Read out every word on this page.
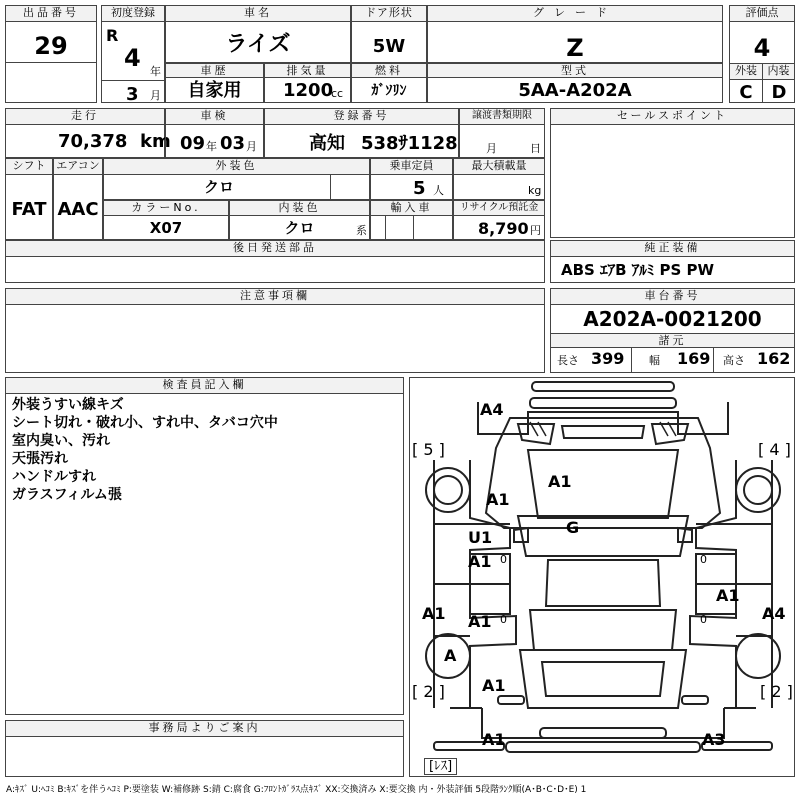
出品番号
29
初度登録
R
4 年
3 月
車名
ライズ
ドア形状
5W
グレード
Z
評価点
4
外装 内装
C	D
車歴
自家用
排気量
1200
cc
燃料
ｶﾞｿﾘﾝ
型式
5AA-A202A
走行
70,378 km
車検
09 年 03 月
登録番号
高知 538ｻ1128
譲渡書類期限
月	日
セールスポイント
シフト
FAT
エアコン
AAC
外装色
クロ
乗車定員
5 人
最大積載量
kg
カラーNo.
X07
内装色
クロ	系
輸入車	リサイクル預託金
8,790 円
後日発送部品	純正装備
ABS ｴｱB ｱﾙﾐ PS PW
注意事項欄	車台番号
A202A-0021200
諸元
長さ 399 幅 169 高さ 162
検査員記入欄
外装うすい線キズ
シート切れ・破れ小、すれ中、タバコ穴中
室内臭い、汚れ
天張汚れ
ハンドルすれ
ガラスフィルム張
事務局よりご案内
[ 5 ]	[ 4 ]
[ 2 ]	[ 2 ]
[ﾚｽ]
A4
A1
A1
G
U1
A1
A1 A1
A1
A4
A
A1
A1	A3
0	0
0	0
A:ｷｽﾞ U:ﾍｺﾐ B:ｷｽﾞを伴うﾍｺﾐ P:要塗装 W:補修跡 S:錆 C:腐食 G:ﾌﾛﾝﾄｶﾞﾗｽ点ｷｽﾞ XX:交換済み X:要交換 内・外装評価 5段階ﾗﾝｸ順(A･B･C･D･E) 1
